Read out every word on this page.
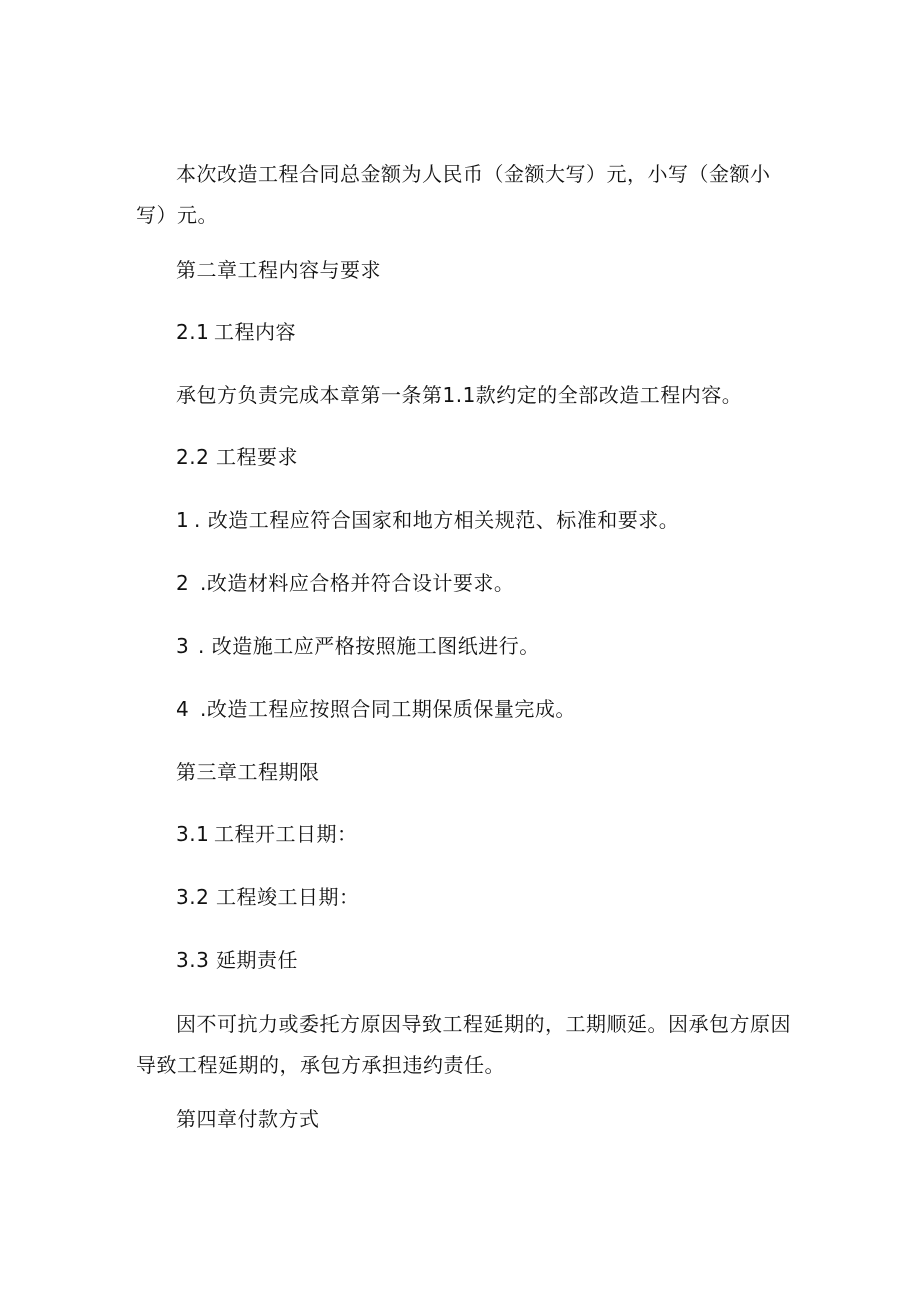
本次改造工程合同总金额为人民币（金额大写）元，小写（金额小
写）元。
第二章工程内容与要求
2.1 工程内容
承包方负责完成本章第一条第1.1款约定的全部改造工程内容。
2.2 工程要求
1 . 改造工程应符合国家和地方相关规范、标准和要求。
2 .改造材料应合格并符合设计要求。
3 . 改造施工应严格按照施工图纸进行。
4 .改造工程应按照合同工期保质保量完成。
第三章工程期限
3.1 工程开工日期：
3.2 工程竣工日期：
3.3 延期责任
因不可抗力或委托方原因导致工程延期的，工期顺延。因承包方原因
导致工程延期的，承包方承担违约责任。
第四章付款方式
